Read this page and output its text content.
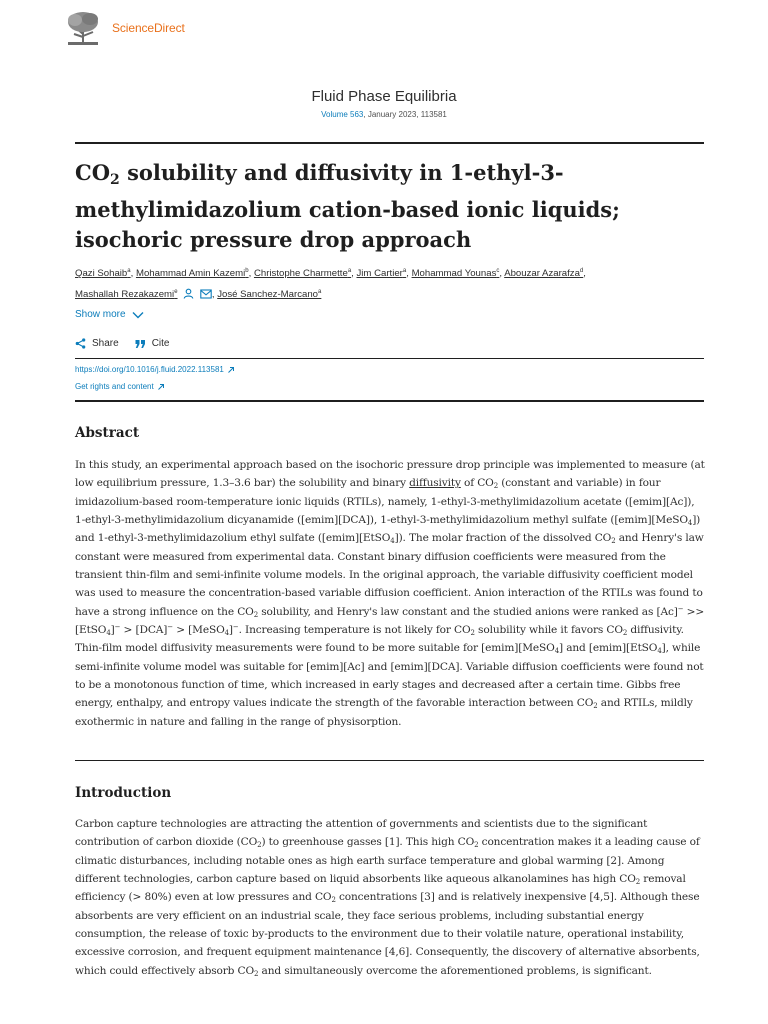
ScienceDirect
Fluid Phase Equilibria
Volume 563, January 2023, 113581
$CO_2$ solubility and diffusivity in 1-ethyl-3-methylimidazolium cation-based ionic liquids; isochoric pressure drop approach
Qazi Sohaib$^a$, Mohammad Amin Kazemi$^b$, Christophe Charmette$^a$, Jim Cartier$^a$, Mohammad Younas$^c$, Abouzar Azarafza$^d$,
Mashallah Rezakazemi$^e$	, José Sanchez-Marcano$^a$
Show more
Share	Cite
https://doi.org/10.1016/j.fluid.2022.113581
Get rights and content
Abstract
In this study, an experimental approach based on the isochoric pressure drop principle was implemented to measure (at low equilibrium pressure, 1.3–3.6 bar) the solubility and binary diffusivity of $CO_2$ (constant and variable) in four imidazolium-based room-temperature ionic liquids (RTILs), namely, 1-ethyl-3-methylimidazolium acetate ([emim][Ac]), 1-ethyl-3-methylimidazolium dicyanamide ([emim][DCA]), 1-ethyl-3-methylimidazolium methyl sulfate ([emim][MeSO$_4$]) and 1-ethyl-3-methylimidazolium ethyl sulfate ([emim][EtSO$_4$]). The molar fraction of the dissolved $CO_2$ and Henry's law constant were measured from experimental data. Constant binary diffusion coefficients were measured from the transient thin-film and semi-infinite volume models. In the original approach, the variable diffusivity coefficient model was used to measure the concentration-based variable diffusion coefficient. Anion interaction of the RTILs was found to have a strong influence on the $CO_2$ solubility, and Henry's law constant and the studied anions were ranked as [Ac]− >> [EtSO$_4$]− > [DCA]− > [MeSO$_4$]−. Increasing temperature is not likely for $CO_2$ solubility while it favors $CO_2$ diffusivity. Thin-film model diffusivity measurements were found to be more suitable for [emim][MeSO$_4$] and [emim][EtSO$_4$], while semi-infinite volume model was suitable for [emim][Ac] and [emim][DCA]. Variable diffusion coefficients were found not to be a monotonous function of time, which increased in early stages and decreased after a certain time. Gibbs free energy, enthalpy, and entropy values indicate the strength of the favorable interaction between $CO_2$ and RTILs, mildly exothermic in nature and falling in the range of physisorption.
Introduction
Carbon capture technologies are attracting the attention of governments and scientists due to the significant contribution of carbon dioxide $(CO_2)$ to greenhouse gasses [1]. This high $CO_2$ concentration makes it a leading cause of climatic disturbances, including notable ones as high earth surface temperature and global warming [2]. Among different technologies, carbon capture based on liquid absorbents like aqueous alkanolamines has high $CO_2$ removal efficiency (> 80%) even at low pressures and $CO_2$ concentrations [3] and is relatively inexpensive [4,5]. Although these absorbents are very efficient on an industrial scale, they face serious problems, including substantial energy consumption, the release of toxic by-products to the environment due to their volatile nature, operational instability, excessive corrosion, and frequent equipment maintenance [4,6]. Consequently, the discovery of alternative absorbents, which could effectively absorb $CO_2$ and simultaneously overcome the aforementioned problems, is significant.
